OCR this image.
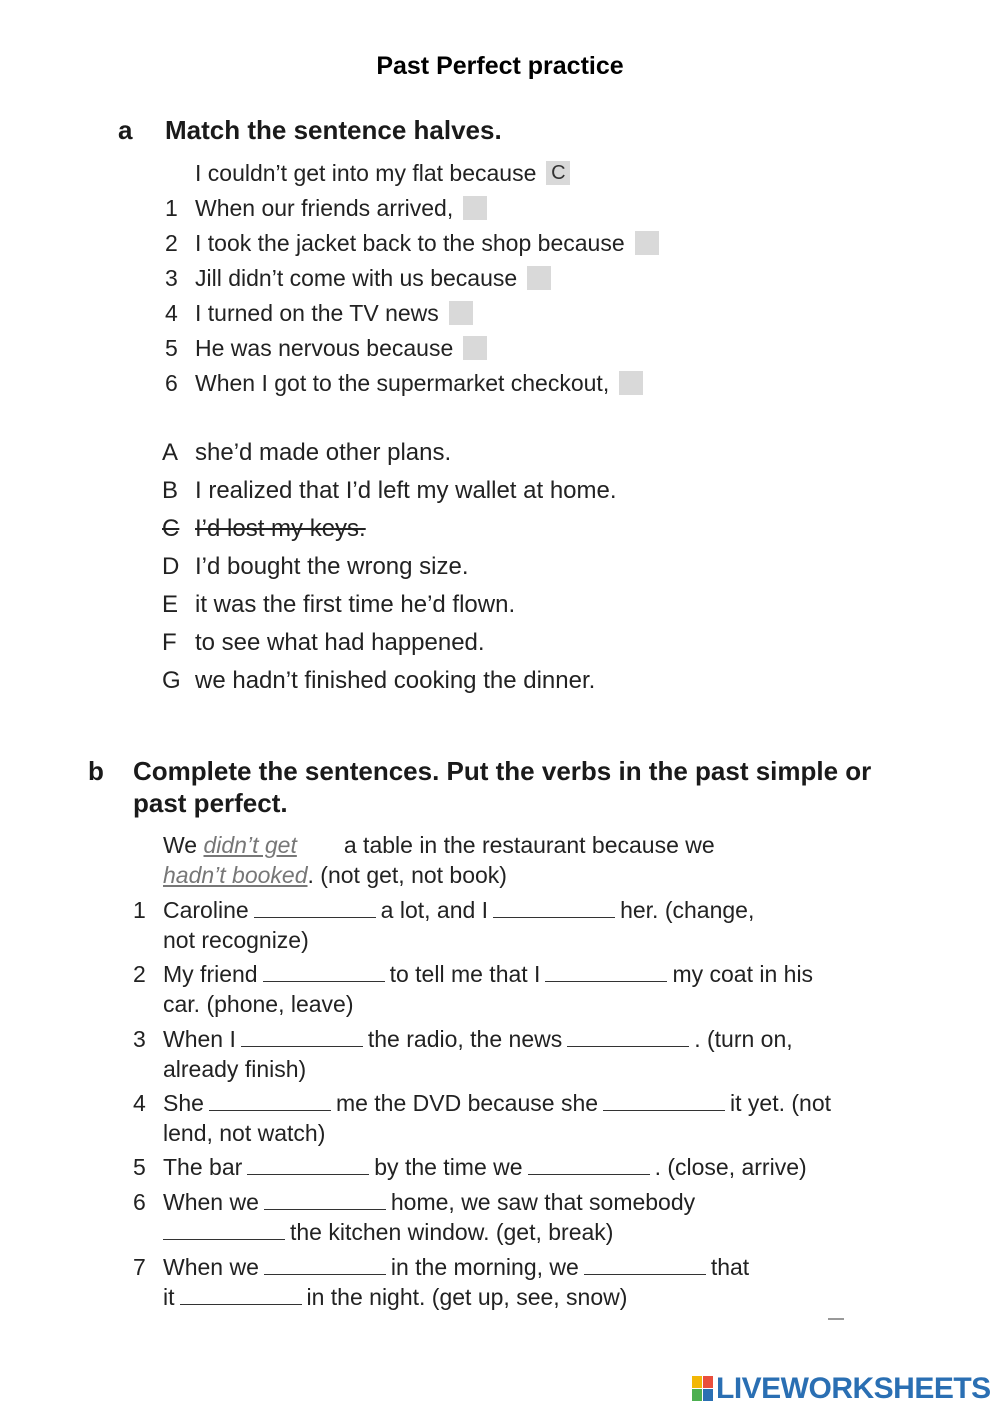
Past Perfect practice
a Match the sentence halves.
I couldn’t get into my flat because C
1 When our friends arrived,
2 I took the jacket back to the shop because
3 Jill didn’t come with us because
4 I turned on the TV news
5 He was nervous because
6 When I got to the supermarket checkout,
A she’d made other plans.
B I realized that I’d left my wallet at home.
C I’d lost my keys.
D I’d bought the wrong size.
E it was the first time he’d flown.
F to see what had happened.
G we hadn’t finished cooking the dinner.
b Complete the sentences. Put the verbs in the past simple or
past perfect.
We didn’t get a table in the restaurant because we
hadn’t booked. (not get, not book)
1 Caroline	a lot, and I	her. (change,
not recognize)
2 My friend	to tell me that I	my coat in his
car. (phone, leave)
3 When I	the radio, the news	. (turn on,
already finish)
4 She	me the DVD because she	it yet. (not
lend, not watch)
5 The bar	by the time we	. (close, arrive)
6 When we	home, we saw that somebody
the kitchen window. (get, break)
7 When we	in the morning, we	that
it	in the night. (get up, see, snow)
LIVEWORKSHEETS
